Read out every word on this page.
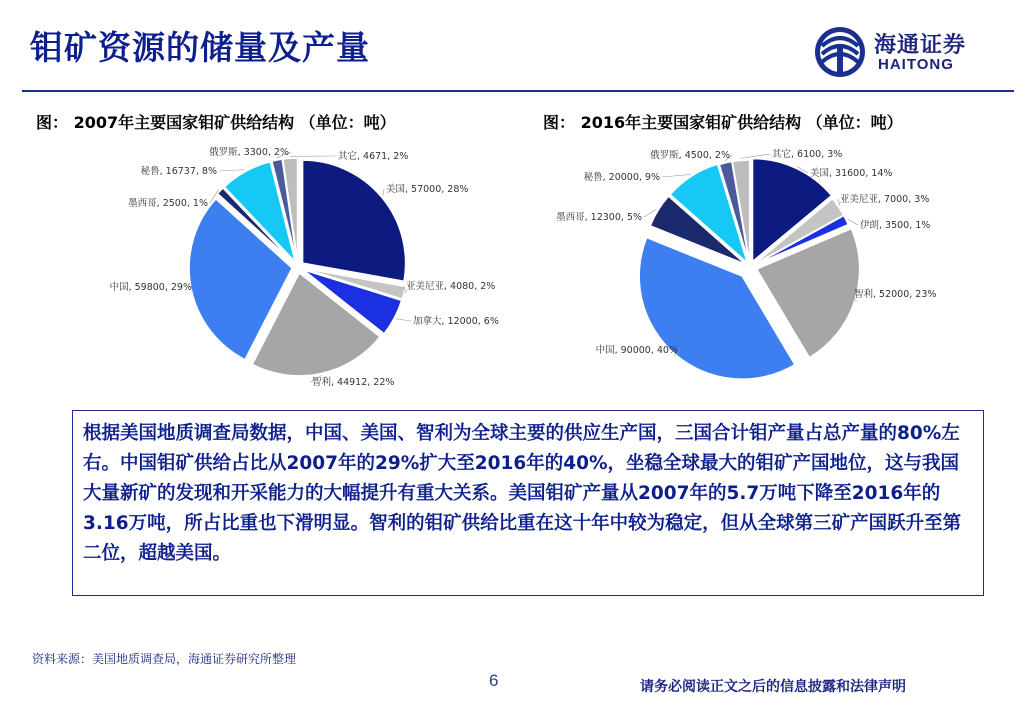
钼矿资源的储量及产量	海通证券
HAITONG
图： 2007年主要国家钼矿供给结构 （单位：吨）	图： 2016年主要国家钼矿供给结构 （单位：吨）
美国, 57000, 28%
亚美尼亚, 4080, 2%
加拿大, 12000, 6%
智利, 44912, 22%
中国, 59800, 29%
墨西哥, 2500, 1%
秘鲁, 16737, 8%
俄罗斯, 3300, 2%	其它, 4671, 2%
美国, 31600, 14%
亚美尼亚, 7000, 3%
伊朗, 3500, 1%
智利, 52000, 23%
中国, 90000, 40%
墨西哥, 12300, 5%
秘鲁, 20000, 9%
俄罗斯, 4500, 2%	其它, 6100, 3%
根据美国地质调查局数据，中国、美国、智利为全球主要的供应生产国，三国合计钼产量占总产量的80%左右。中国钼矿供给占比从2007年的29%扩大至2016年的40%，坐稳全球最大的钼矿产国地位，这与我国大量新矿的发现和开采能力的大幅提升有重大关系。美国钼矿产量从2007年的5.7万吨下降至2016年的3.16万吨，所占比重也下滑明显。智利的钼矿供给比重在这十年中较为稳定，但从全球第三矿产国跃升至第二位，超越美国。
资料来源：美国地质调查局，海通证券研究所整理
6	请务必阅读正文之后的信息披露和法律声明
